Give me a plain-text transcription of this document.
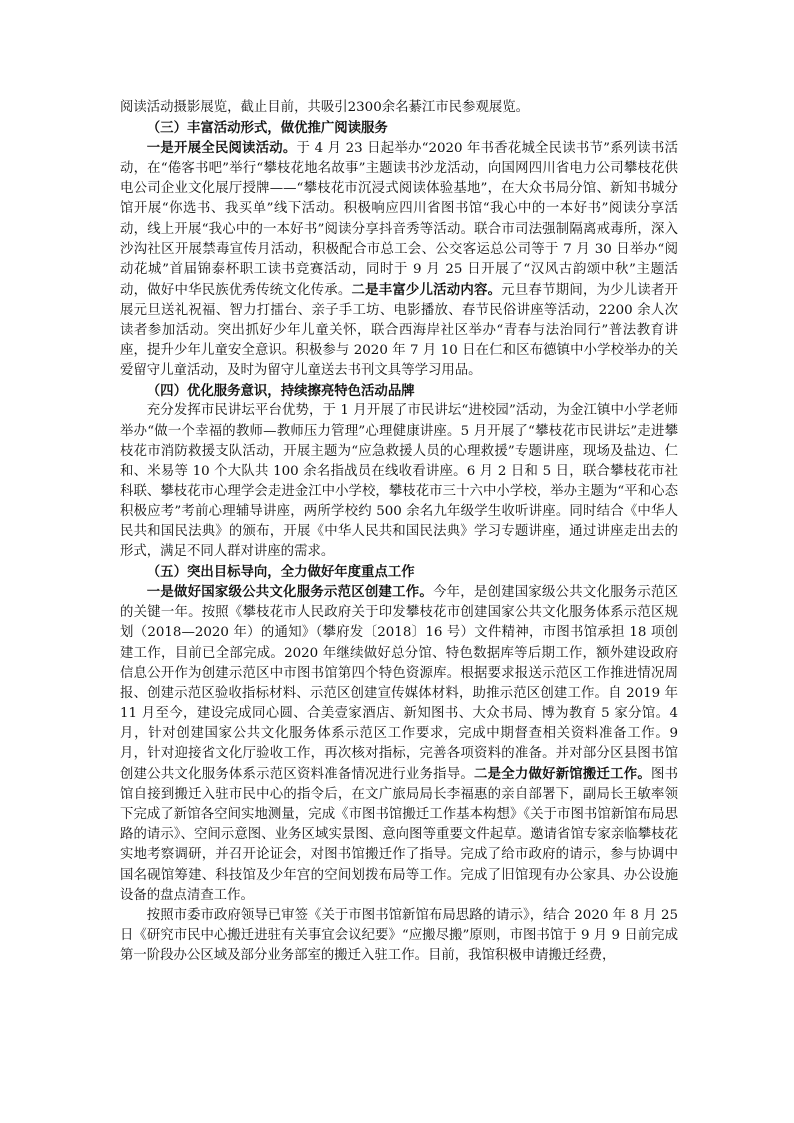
阅读活动摄影展览，截止目前，共吸引2300余名綦江市民参观展览。

（三）丰富活动形式，做优推广阅读服务

一是开展全民阅读活动。于 4 月 23 日起举办“2020 年书香花城全民读书节”系列读书活动，在“倦客书吧”举行“攀枝花地名故事”主题读书沙龙活动，向国网四川省电力公司攀枝花供电公司企业文化展厅授牌——“攀枝花市沉浸式阅读体验基地”，在大众书局分馆、新知书城分馆开展“你选书、我买单”线下活动。积极响应四川省图书馆“我心中的一本好书”阅读分享活动，线上开展“我心中的一本好书”阅读分享抖音秀等活动。联合市司法强制隔离戒毒所，深入沙沟社区开展禁毒宣传月活动，积极配合市总工会、公交客运总公司等于 7 月 30 日举办“阅动花城”首届锦泰杯职工读书竞赛活动，同时于 9 月 25 日开展了“汉风古韵颂中秋”主题活动，做好中华民族优秀传统文化传承。二是丰富少儿活动内容。元旦春节期间，为少儿读者开展元旦送礼祝福、智力打擂台、亲子手工坊、电影播放、春节民俗讲座等活动，2200 余人次读者参加活动。突出抓好少年儿童关怀，联合西海岸社区举办“青春与法治同行”普法教育讲座，提升少年儿童安全意识。积极参与 2020 年 7 月 10 日在仁和区布德镇中小学校举办的关爱留守儿童活动，及时为留守儿童送去书刊文具等学习用品。

（四）优化服务意识，持续擦亮特色活动品牌

充分发挥市民讲坛平台优势，于 1 月开展了市民讲坛“进校园”活动，为金江镇中小学老师举办“做一个幸福的教师—教师压力管理”心理健康讲座。5 月开展了“攀枝花市民讲坛”走进攀枝花市消防救援支队活动，开展主题为“应急救援人员的心理救援”专题讲座，现场及盐边、仁和、米易等 10 个大队共 100 余名指战员在线收看讲座。6 月 2 日和 5 日，联合攀枝花市社科联、攀枝花市心理学会走进金江中小学校，攀枝花市三十六中小学校，举办主题为“平和心态　积极应考”考前心理辅导讲座，两所学校约 500 余名九年级学生收听讲座。同时结合《中华人民共和国民法典》的颁布，开展《中华人民共和国民法典》学习专题讲座，通过讲座走出去的形式，满足不同人群对讲座的需求。

（五）突出目标导向，全力做好年度重点工作

一是做好国家级公共文化服务示范区创建工作。今年，是创建国家级公共文化服务示范区的关键一年。按照《攀枝花市人民政府关于印发攀枝花市创建国家公共文化服务体系示范区规划（2018—2020 年）的通知》（攀府发〔2018〕16 号）文件精神，市图书馆承担 18 项创建工作，目前已全部完成。2020 年继续做好总分馆、特色数据库等后期工作，额外建设政府信息公开作为创建示范区中市图书馆第四个特色资源库。根据要求报送示范区工作推进情况周报、创建示范区验收指标材料、示范区创建宣传媒体材料，助推示范区创建工作。自 2019 年 11 月至今，建设完成同心圆、合美壹家酒店、新知图书、大众书局、博为教育 5 家分馆。4 月，针对创建国家公共文化服务体系示范区工作要求，完成中期督查相关资料准备工作。9 月，针对迎接省文化厅验收工作，再次核对指标，完善各项资料的准备。并对部分区县图书馆创建公共文化服务体系示范区资料准备情况进行业务指导。二是全力做好新馆搬迁工作。图书馆自接到搬迁入驻市民中心的指令后，在文广旅局局长李福惠的亲自部署下，副局长王敏率领下完成了新馆各空间实地测量，完成《市图书馆搬迁工作基本构想》《关于市图书馆新馆布局思路的请示》、空间示意图、业务区域实景图、意向图等重要文件起草。邀请省馆专家亲临攀枝花实地考察调研，并召开论证会，对图书馆搬迁作了指导。完成了给市政府的请示，参与协调中国名砚馆筹建、科技馆及少年宫的空间划拨布局等工作。完成了旧馆现有办公家具、办公设施设备的盘点清查工作。

按照市委市政府领导已审签《关于市图书馆新馆布局思路的请示》，结合 2020 年 8 月 25 日《研究市民中心搬迁进驻有关事宜会议纪要》“应搬尽搬”原则，市图书馆于 9 月 9 日前完成第一阶段办公区域及部分业务部室的搬迁入驻工作。目前，我馆积极申请搬迁经费，
